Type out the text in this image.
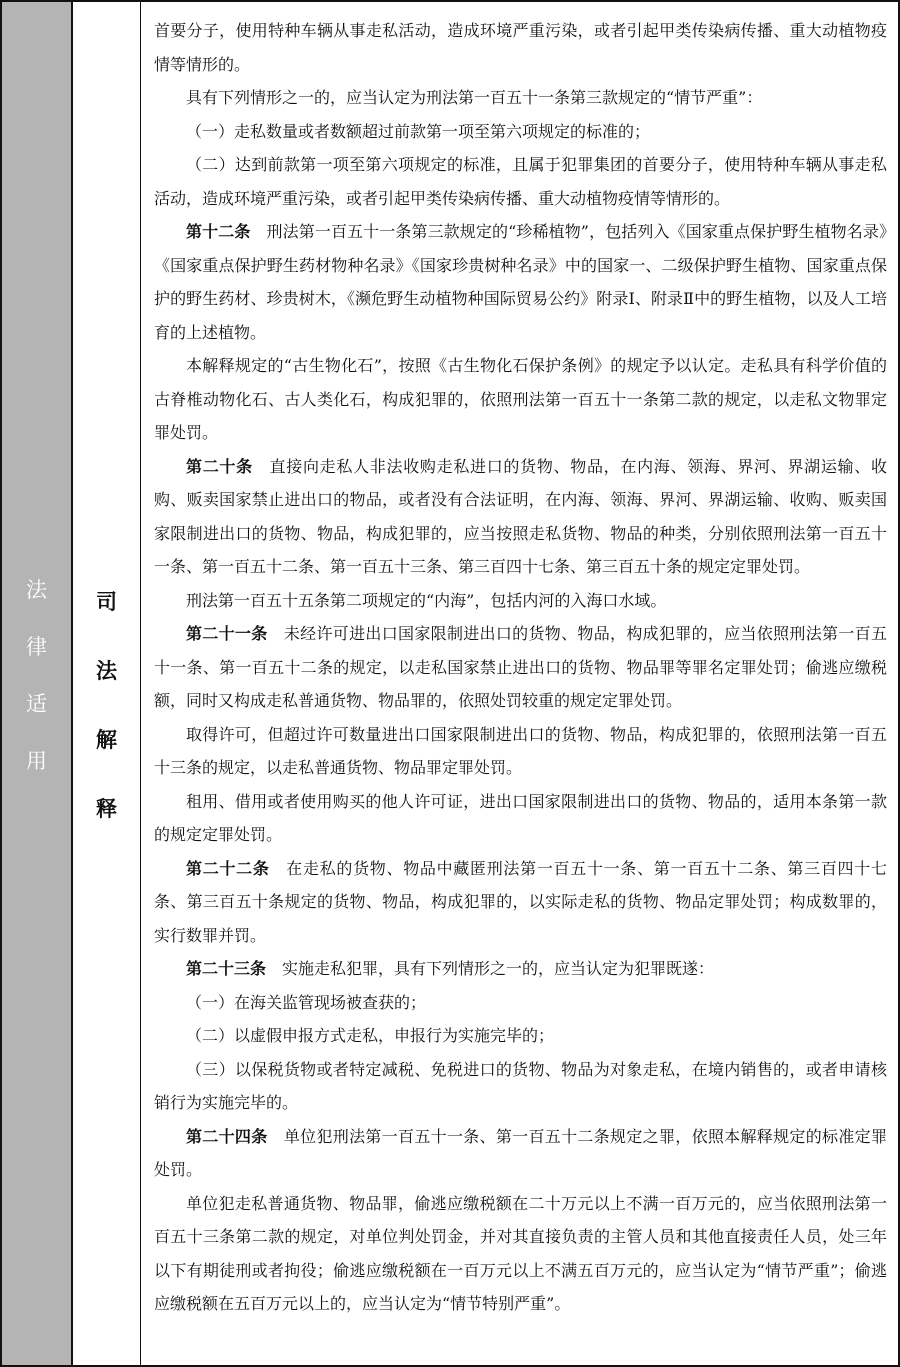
法
律
适
用
司
法
解
释

首要分子，使用特种车辆从事走私活动，造成环境严重污染，或者引起甲类传染病传播、重大动植物疫情等情形的。

具有下列情形之一的，应当认定为刑法第一百五十一条第三款规定的“情节严重”：

（一）走私数量或者数额超过前款第一项至第六项规定的标准的；

（二）达到前款第一项至第六项规定的标准，且属于犯罪集团的首要分子，使用特种车辆从事走私活动，造成环境严重污染，或者引起甲类传染病传播、重大动植物疫情等情形的。

第十二条　 刑法第一百五十一条第三款规定的“珍稀植物”，包括列入《国家重点保护野生植物名录》《国家重点保护野生药材物种名录》《国家珍贵树种名录》中的国家一、二级保护野生植物、国家重点保护的野生药材、珍贵树木，《濒危野生动植物种国际贸易公约》附录Ⅰ、附录Ⅱ中的野生植物，以及人工培育的上述植物。

本解释规定的“古生物化石”，按照《古生物化石保护条例》的规定予以认定。走私具有科学价值的古脊椎动物化石、古人类化石，构成犯罪的，依照刑法第一百五十一条第二款的规定，以走私文物罪定罪处罚。

第二十条　 直接向走私人非法收购走私进口的货物、物品，在内海、领海、界河、界湖运输、收购、贩卖国家禁止进出口的物品，或者没有合法证明，在内海、领海、界河、界湖运输、收购、贩卖国家限制进出口的货物、物品，构成犯罪的，应当按照走私货物、物品的种类，分别依照刑法第一百五十一条、第一百五十二条、第一百五十三条、第三百四十七条、第三百五十条的规定定罪处罚。

刑法第一百五十五条第二项规定的“内海”，包括内河的入海口水域。

第二十一条　 未经许可进出口国家限制进出口的货物、物品，构成犯罪的，应当依照刑法第一百五十一条、第一百五十二条的规定，以走私国家禁止进出口的货物、物品罪等罪名定罪处罚；偷逃应缴税额，同时又构成走私普通货物、物品罪的，依照处罚较重的规定定罪处罚。

取得许可，但超过许可数量进出口国家限制进出口的货物、物品，构成犯罪的，依照刑法第一百五十三条的规定，以走私普通货物、物品罪定罪处罚。

租用、借用或者使用购买的他人许可证，进出口国家限制进出口的货物、物品的，适用本条第一款的规定定罪处罚。

第二十二条　 在走私的货物、物品中藏匿刑法第一百五十一条、第一百五十二条、第三百四十七条、第三百五十条规定的货物、物品，构成犯罪的，以实际走私的货物、物品定罪处罚；构成数罪的，实行数罪并罚。

第二十三条　 实施走私犯罪，具有下列情形之一的，应当认定为犯罪既遂：

（一）在海关监管现场被查获的；

（二）以虚假申报方式走私，申报行为实施完毕的；

（三）以保税货物或者特定减税、免税进口的货物、物品为对象走私，在境内销售的，或者申请核销行为实施完毕的。

第二十四条　 单位犯刑法第一百五十一条、第一百五十二条规定之罪，依照本解释规定的标准定罪处罚。

单位犯走私普通货物、物品罪，偷逃应缴税额在二十万元以上不满一百万元的，应当依照刑法第一百五十三条第二款的规定，对单位判处罚金，并对其直接负责的主管人员和其他直接责任人员，处三年以下有期徒刑或者拘役；偷逃应缴税额在一百万元以上不满五百万元的，应当认定为“情节严重”；偷逃应缴税额在五百万元以上的，应当认定为“情节特别严重”。
